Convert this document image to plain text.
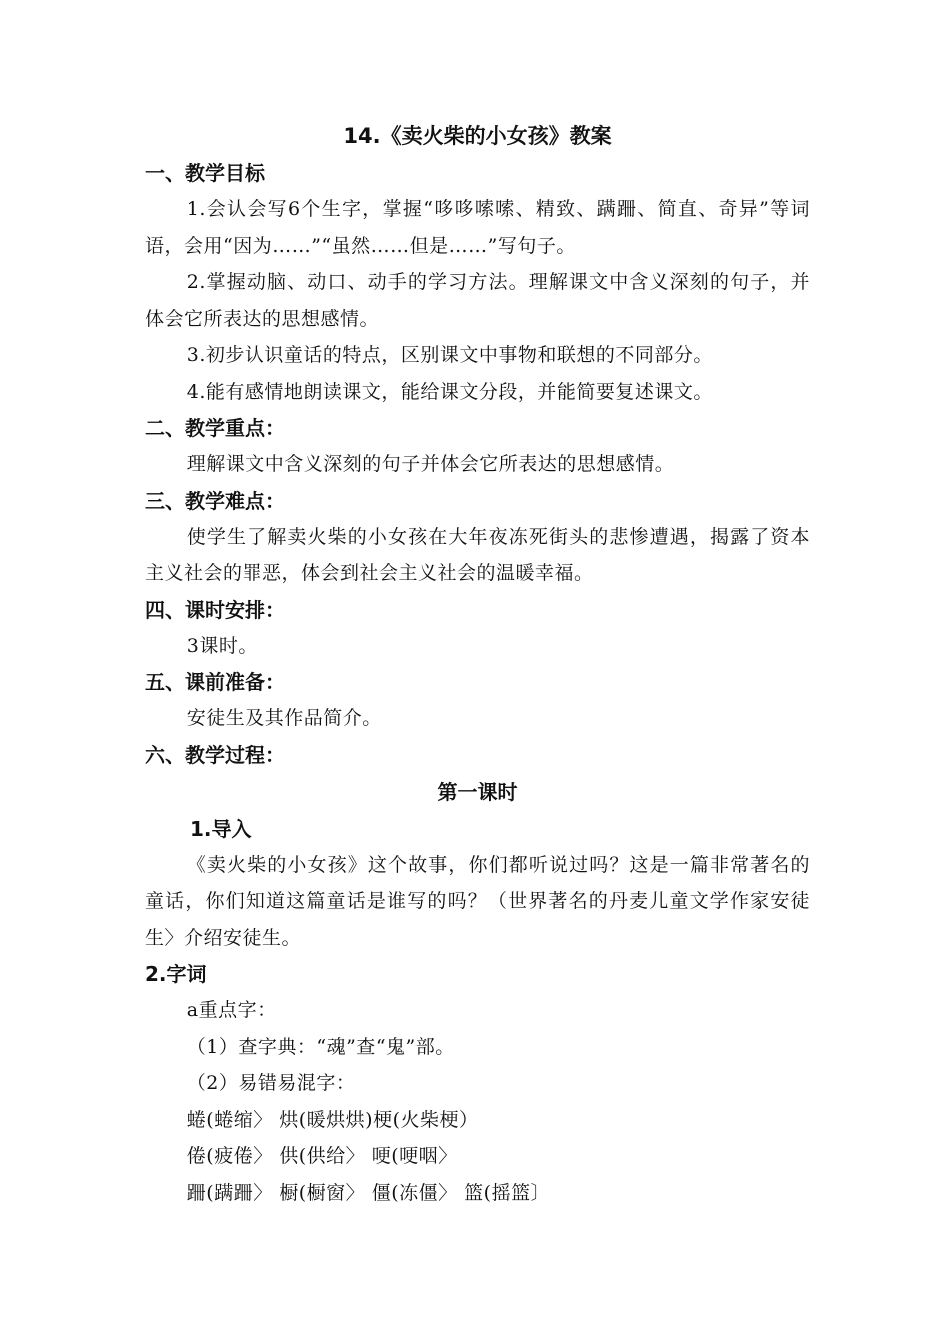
14.《卖火柴的小女孩》教案

一、教学目标

1.会认会写6个生字，掌握“哆哆嗦嗦、精致、蹒跚、简直、奇异”等词语，会用“因为……”“虽然……但是……”写句子。

2.掌握动脑、动口、动手的学习方法。理解课文中含义深刻的句子，并体会它所表达的思想感情。

3.初步认识童话的特点，区别课文中事物和联想的不同部分。

4.能有感情地朗读课文，能给课文分段，并能简要复述课文。

二、教学重点：

理解课文中含义深刻的句子并体会它所表达的思想感情。

三、教学难点：

使学生了解卖火柴的小女孩在大年夜冻死街头的悲惨遭遇，揭露了资本主义社会的罪恶，体会到社会主义社会的温暖幸福。

四、课时安排：

3课时。

五、课前准备：

安徒生及其作品简介。

六、教学过程：

第一课时

1.导入

《卖火柴的小女孩》这个故事，你们都听说过吗？这是一篇非常著名的童话，你们知道这篇童话是谁写的吗？（世界著名的丹麦儿童文学作家安徒生〉介绍安徒生。

2.字词

a重点字：

（1）查字典：“魂”查“鬼”部。

（2）易错易混字：

蜷(蜷缩〉 烘(暖烘烘)梗(火柴梗）

倦(疲倦〉 供(供给〉 哽(哽咽〉

跚(蹒跚〉 橱(橱窗〉 僵(冻僵〉 篮(摇篮〕
